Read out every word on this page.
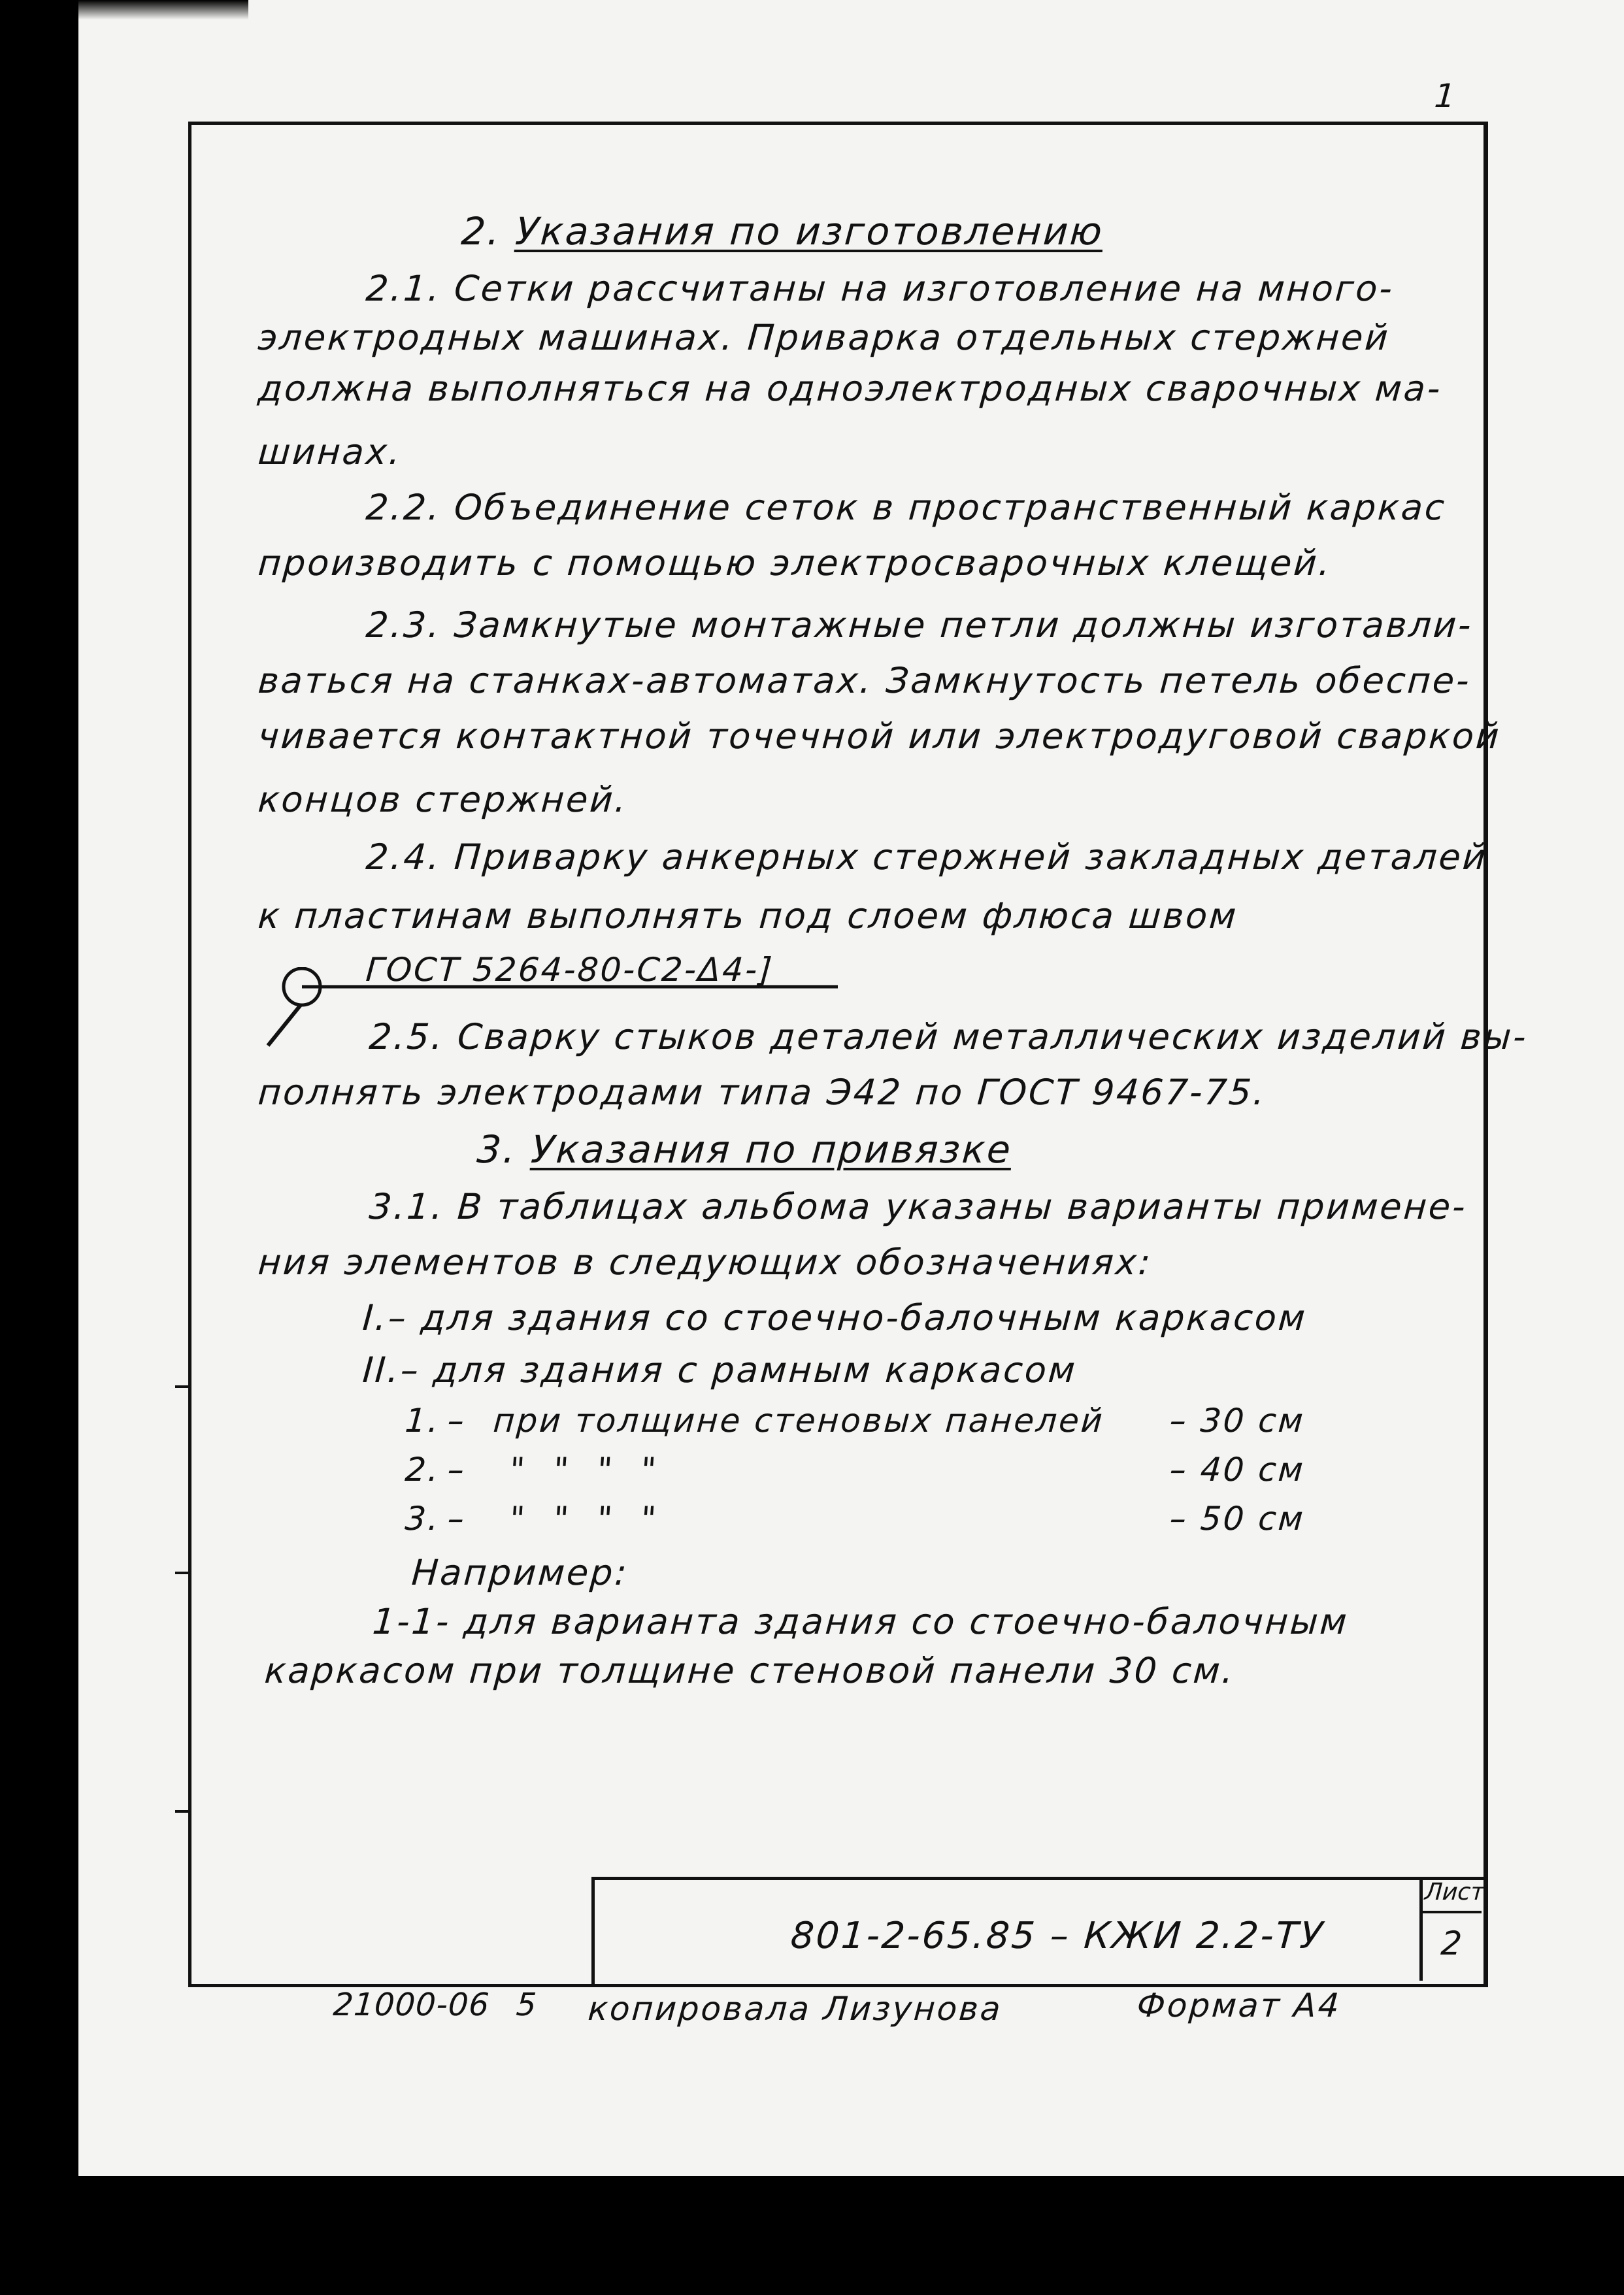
1
2. Указания по изготовлению
2.1. Сетки рассчитаны на изготовление на много-
электродных машинах. Приварка отдельных стержней
должна выполняться на одноэлектродных сварочных ма-
шинах.
2.2. Объединение сеток в пространственный каркас
производить с помощью электросварочных клещей.
2.3. Замкнутые монтажные петли должны изготавли-
ваться на станках-автоматах. Замкнутость петель обеспе-
чивается контактной точечной или электродуговой сваркой
концов стержней.
2.4. Приварку анкерных стержней закладных деталей
к пластинам выполнять под слоем флюса швом
ГОСТ 5264-80-С2-Δ4-]
2.5. Сварку стыков деталей металлических изделий вы-
полнять электродами типа Э42 по ГОСТ 9467-75.
3. Указания по привязке
3.1. В таблицах альбома указаны варианты примене-
ния элементов в следующих обозначениях:
I.– для здания со стоечно-балочным каркасом
II.– для здания с рамным каркасом
1. – при толщине стеновых панелей – 30 см
2. – " " " "	– 40 см
3. – " " " "	– 50 см
Например:
1-1- для варианта здания со стоечно-балочным
каркасом при толщине стеновой панели 30 см.
801-2-65.85 – КЖИ 2.2-ТУ
Лист
2
21000-06 5 копировала Лизунова	Формат А4
